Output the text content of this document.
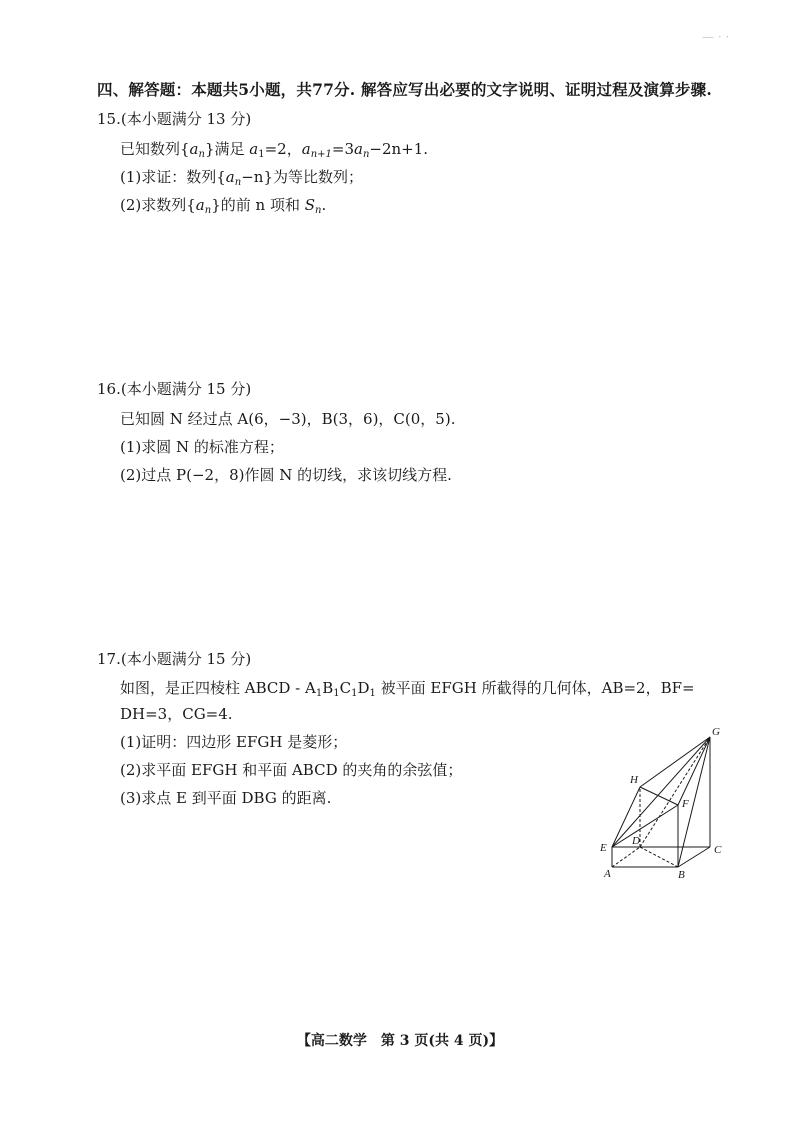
— · ·
四、解答题：本题共5小题，共77分. 解答应写出必要的文字说明、证明过程及演算步骤.
15.(本小题满分 13 分)
已知数列$\{a_n\}$满足 $a_1=2$，$a_{n+1}=3a_n-2n+1$.
(1)求证：数列$\{a_n-n\}$为等比数列；
(2)求数列$\{a_n\}$的前 n 项和 $S_n$.
16.(本小题满分 15 分)
已知圆 N 经过点 A(6，−3)，B(3，6)，C(0，5).
(1)求圆 N 的标准方程；
(2)过点 P(−2，8)作圆 N 的切线，求该切线方程.
17.(本小题满分 15 分)
如图，是正四棱柱 ABCD - $A_1B_1C_1D_1$ 被平面 EFGH 所截得的几何体，AB=2，BF=
DH=3，CG=4.
(1)证明：四边形 EFGH 是菱形；
(2)求平面 EFGH 和平面 ABCD 的夹角的余弦值；
(3)求点 E 到平面 DBG 的距离.
G
H
F
E
D
C
A	B
【高二数学　第 3 页(共 4 页)】
